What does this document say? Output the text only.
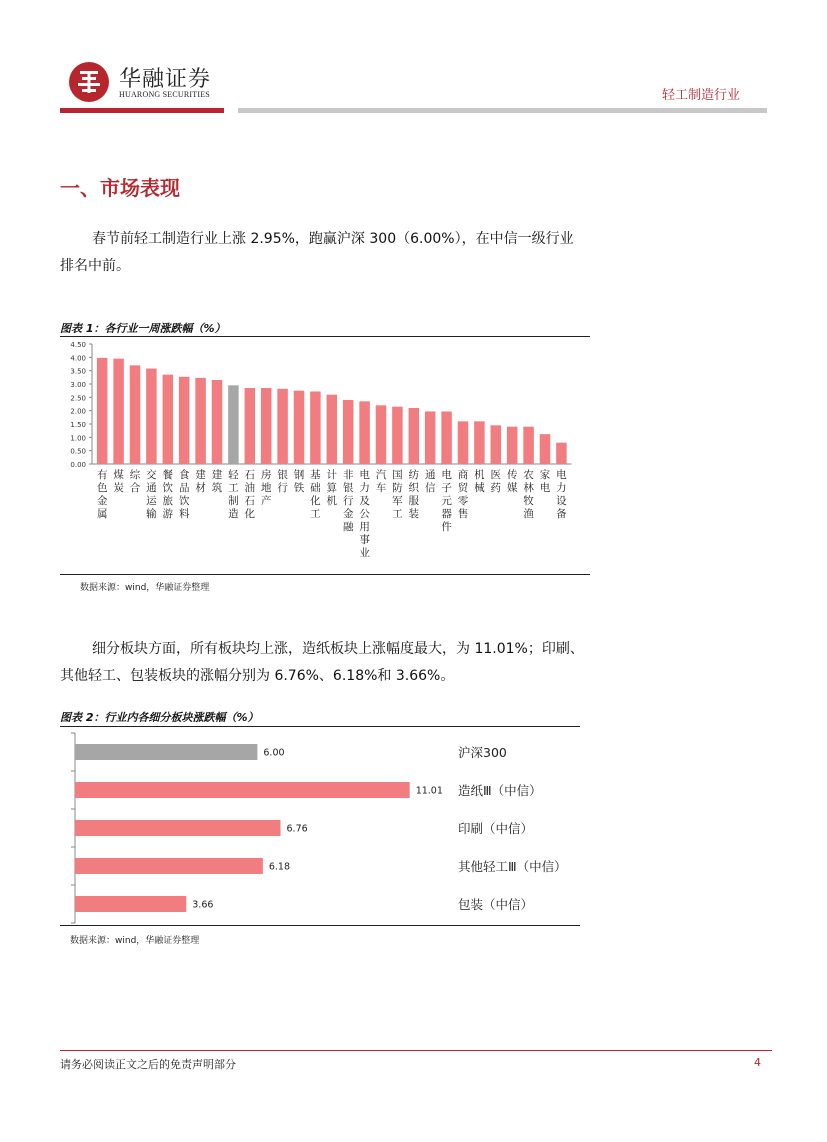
华融证券
HUARONG SECURITIES	轻工制造行业
一、市场表现
春节前轻工制造行业上涨 2.95%，跑赢沪深 300（6.00%），在中信一级行业排名中前。
图表 1：各行业一周涨跌幅（%）
0.00
0.50
1.00
1.50
2.00
2.50
3.00
3.50
4.00
4.50
有色金属
煤炭
综合
交通运输
餐饮旅游
食品饮料
建材
建筑
轻工制造
石油石化
房地产
银行
钢铁
基础化工
计算机
非银行金融
电力及公用事业
汽车
国防军工
纺织服装
通信
电子元器件
商贸零售
机械
医药
传媒
农林牧渔
家电
电力设备
数据来源：wind，华融证券整理
细分板块方面，所有板块均上涨，造纸板块上涨幅度最大，为 11.01%；印刷、其他轻工、包装板块的涨幅分别为 6.76%、6.18%和 3.66%。
图表 2：行业内各细分板块涨跌幅（%）
6.00	沪深300
11.01 造纸Ⅲ（中信）
6.76	印刷（中信）
6.18	其他轻工Ⅲ（中信）
3.66	包装（中信）
数据来源：wind，华融证券整理
请务必阅读正文之后的免责声明部分	4
